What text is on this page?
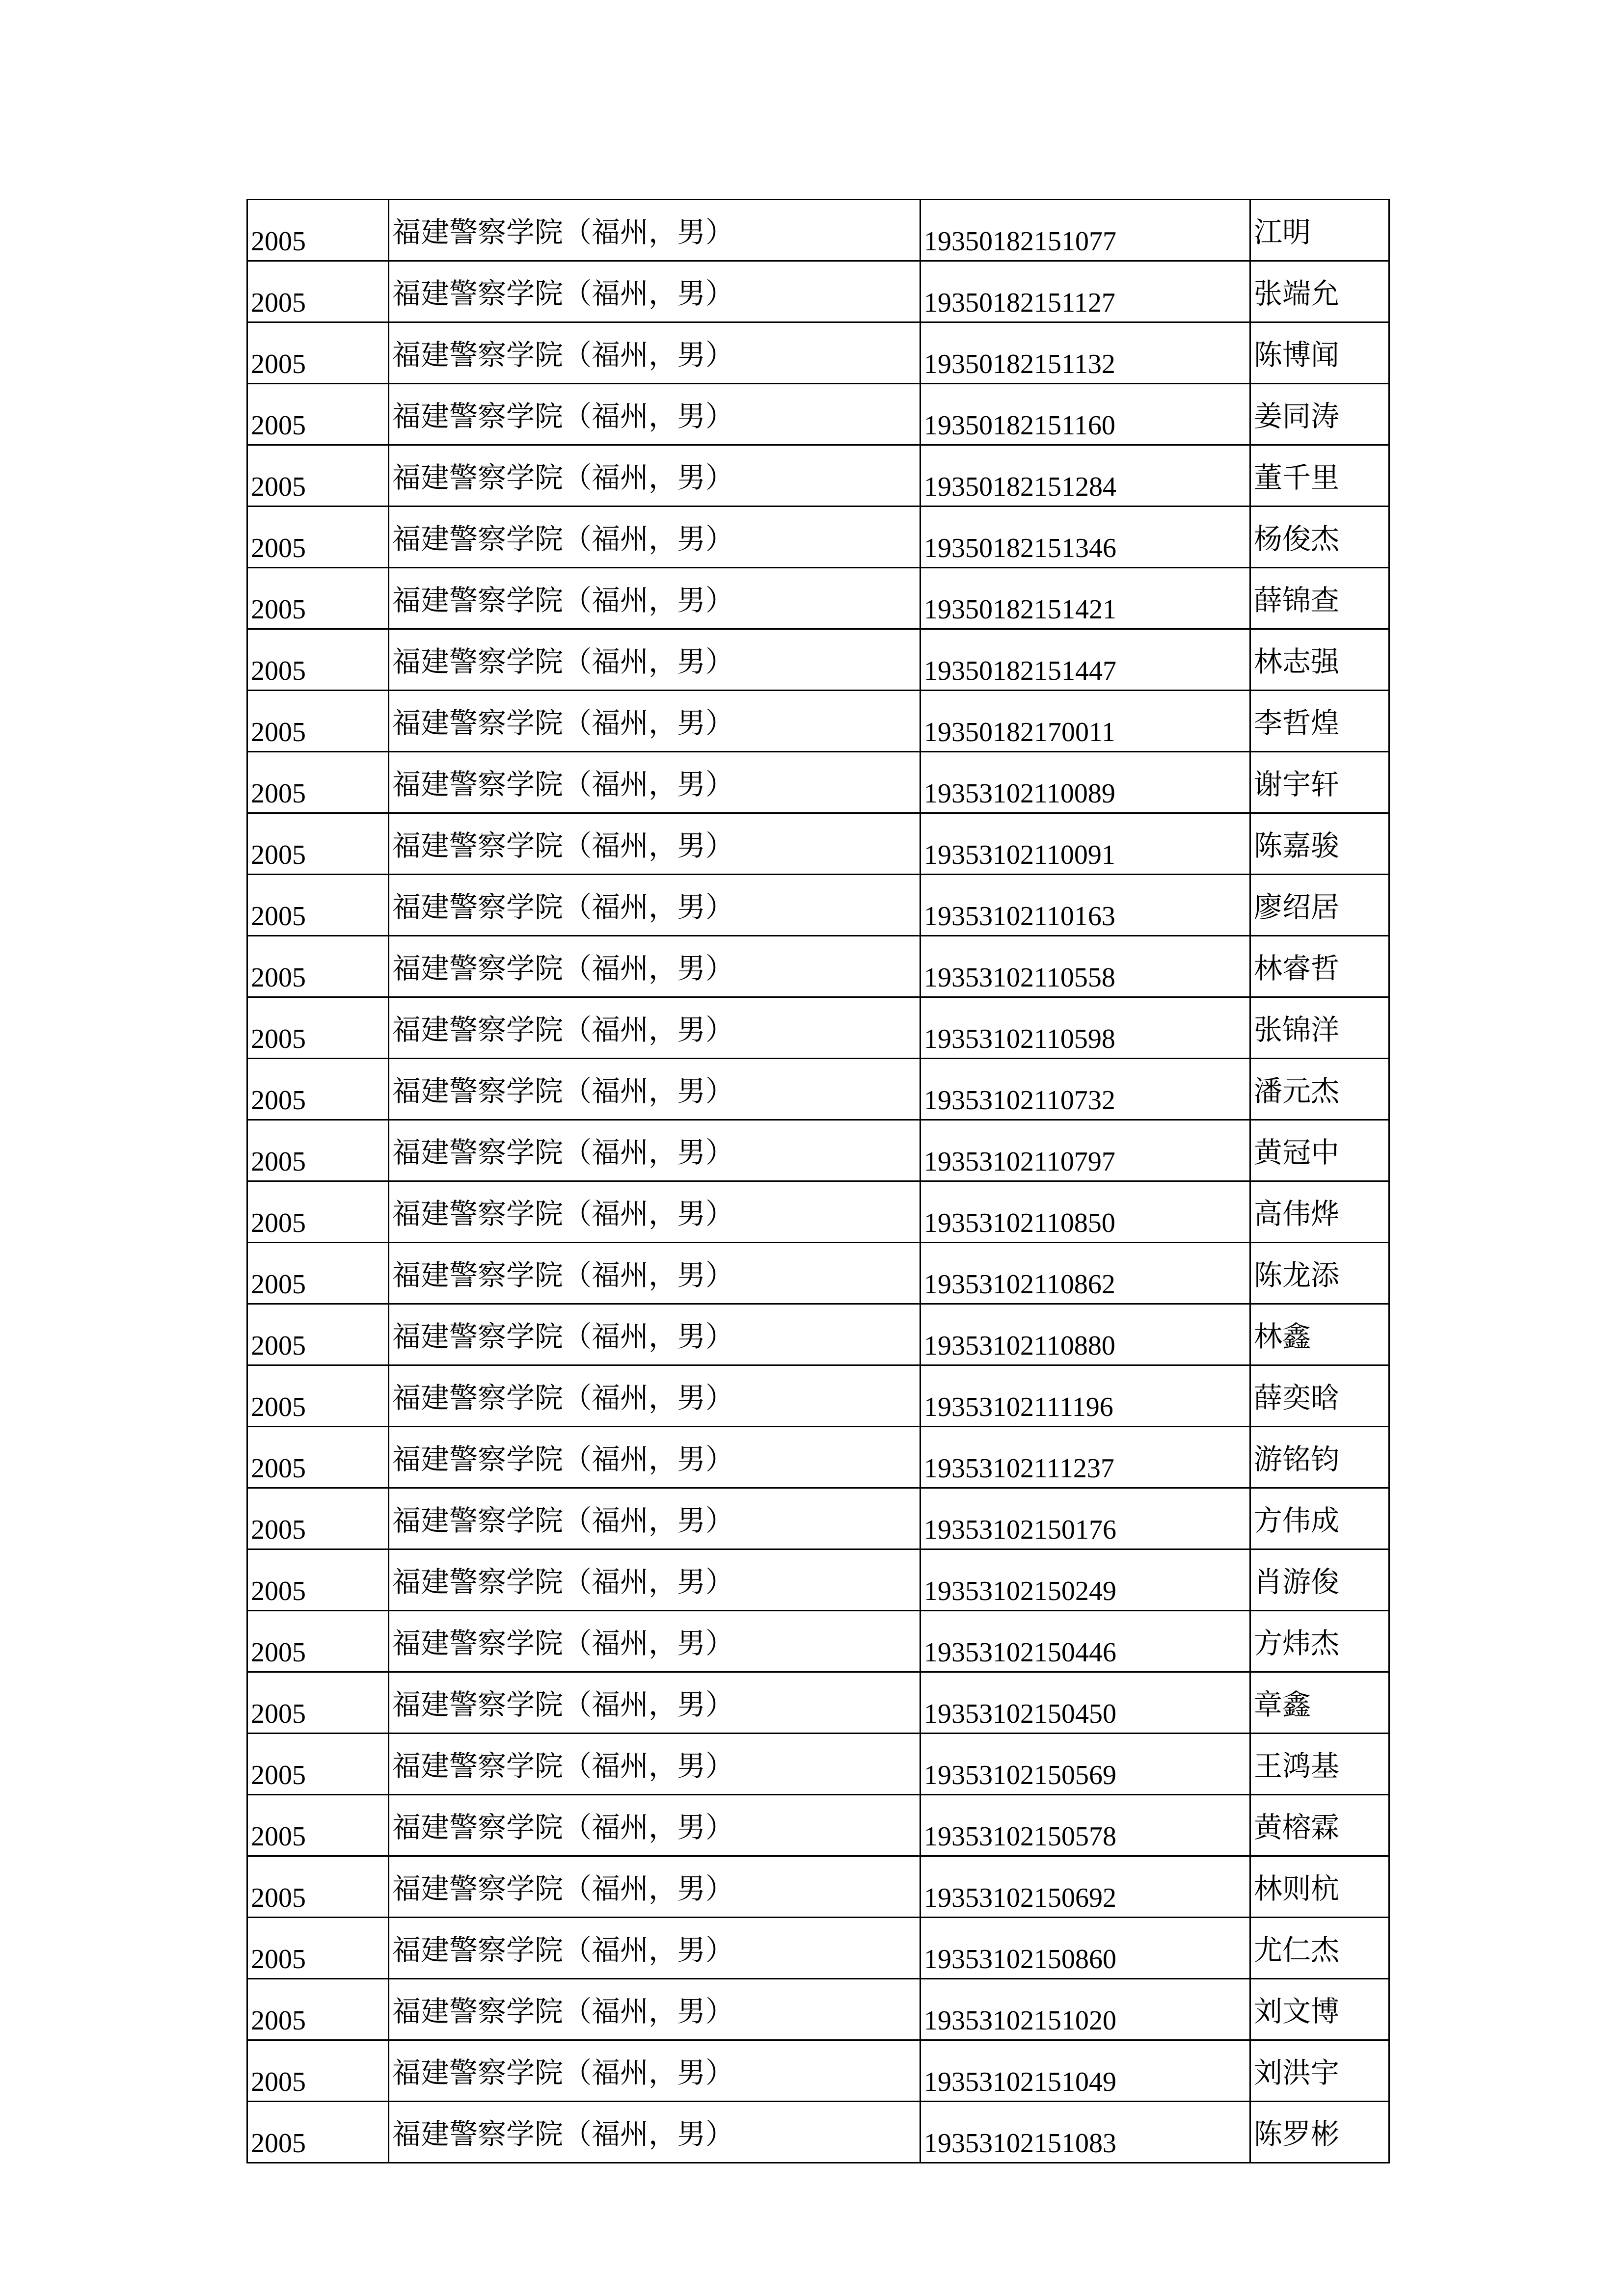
2005	福建警察学院（福州，男）	19350182151077	江明
2005	福建警察学院（福州，男）	19350182151127	张端允
2005	福建警察学院（福州，男）	19350182151132	陈博闻
2005	福建警察学院（福州，男）	19350182151160	姜同涛
2005	福建警察学院（福州，男）	19350182151284	董千里
2005	福建警察学院（福州，男）	19350182151346	杨俊杰
2005	福建警察学院（福州，男）	19350182151421	薛锦查
2005	福建警察学院（福州，男）	19350182151447	林志强
2005	福建警察学院（福州，男）	19350182170011	李哲煌
2005	福建警察学院（福州，男）	19353102110089	谢宇轩
2005	福建警察学院（福州，男）	19353102110091	陈嘉骏
2005	福建警察学院（福州，男）	19353102110163	廖绍居
2005	福建警察学院（福州，男）	19353102110558	林睿哲
2005	福建警察学院（福州，男）	19353102110598	张锦洋
2005	福建警察学院（福州，男）	19353102110732	潘元杰
2005	福建警察学院（福州，男）	19353102110797	黄冠中
2005	福建警察学院（福州，男）	19353102110850	高伟烨
2005	福建警察学院（福州，男）	19353102110862	陈龙添
2005	福建警察学院（福州，男）	19353102110880	林鑫
2005	福建警察学院（福州，男）	19353102111196	薛奕晗
2005	福建警察学院（福州，男）	19353102111237	游铭钧
2005	福建警察学院（福州，男）	19353102150176	方伟成
2005	福建警察学院（福州，男）	19353102150249	肖游俊
2005	福建警察学院（福州，男）	19353102150446	方炜杰
2005	福建警察学院（福州，男）	19353102150450	章鑫
2005	福建警察学院（福州，男）	19353102150569	王鸿基
2005	福建警察学院（福州，男）	19353102150578	黄榕霖
2005	福建警察学院（福州，男）	19353102150692	林则杭
2005	福建警察学院（福州，男）	19353102150860	尤仁杰
2005	福建警察学院（福州，男）	19353102151020	刘文博
2005	福建警察学院（福州，男）	19353102151049	刘洪宇
2005	福建警察学院（福州，男）	19353102151083	陈罗彬
